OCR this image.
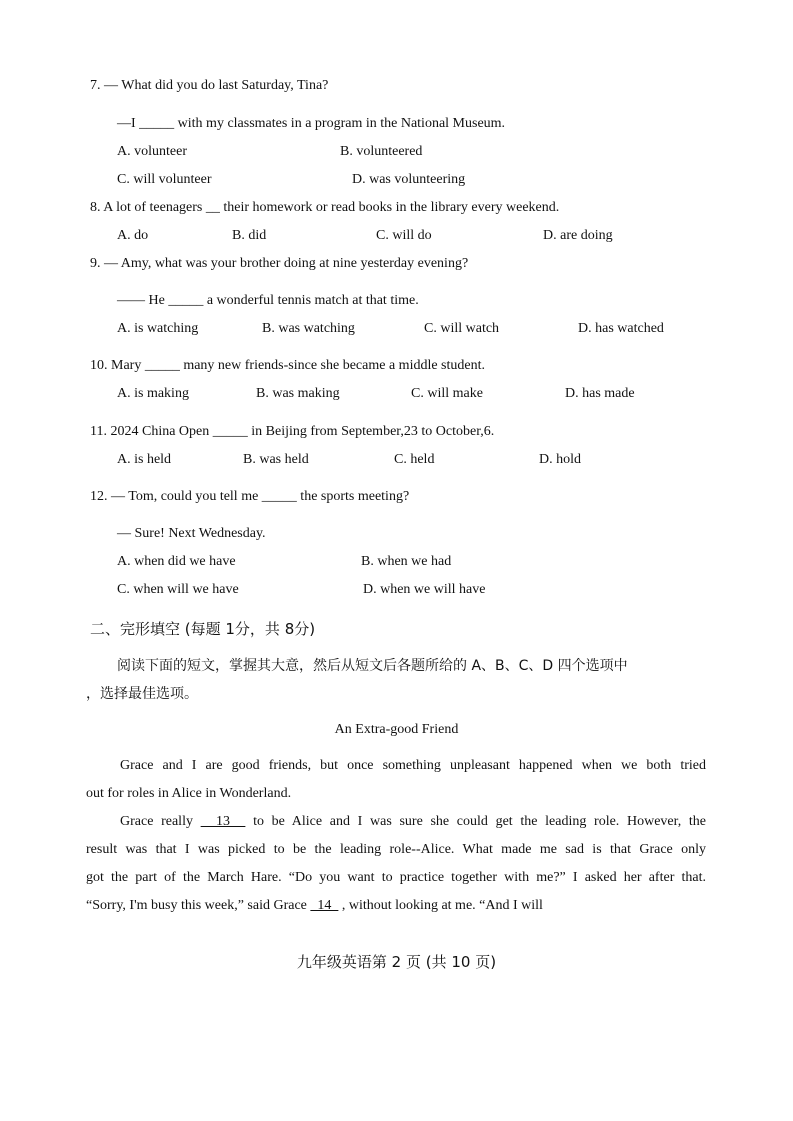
7. — What did you do last Saturday, Tina?
—I _____ with my classmates in a program in the National Museum.
A. volunteer	B. volunteered
C. will volunteer	D. was volunteering
8. A lot of teenagers __ their homework or read books in the library every weekend.
A. do	B. did	C. will do	D. are doing
9. — Amy, what was your brother doing at nine yesterday evening?
—— He _____ a wonderful tennis match at that time.
A. is watching	B. was watching	C. will watch	D. has watched
10. Mary _____ many new friends-since she became a middle student.
A. is making	B. was making	C. will make	D. has made
11. 2024 China Open _____ in Beijing from September,23 to October,6.
A. is held	B. was held	C. held	D. hold
12. — Tom, could you tell me _____ the sports meeting?
— Sure! Next Wednesday.
A. when did we have	B. when we had
C. when will we have	D. when we will have
二、完形填空 (每题 1分，共 8分)
阅读下面的短文，掌握其大意，然后从短文后各题所给的 A、B、C、D 四个选项中
，选择最佳选项。
An Extra-good Friend
Grace and I are good friends, but once something unpleasant happened when we both tried
out for roles in Alice in Wonderland.
Grace really   13   to be Alice and I was sure she could get the leading role. However, the
result was that I was picked to be the leading role--Alice. What made me sad is that Grace only
got the part of the March Hare. “Do you want to practice together with me?” I asked her after that.
“Sorry, I'm busy this week,” said Grace   14   , without looking at me. “And I will
九年级英语第 2 页 (共 10 页)
